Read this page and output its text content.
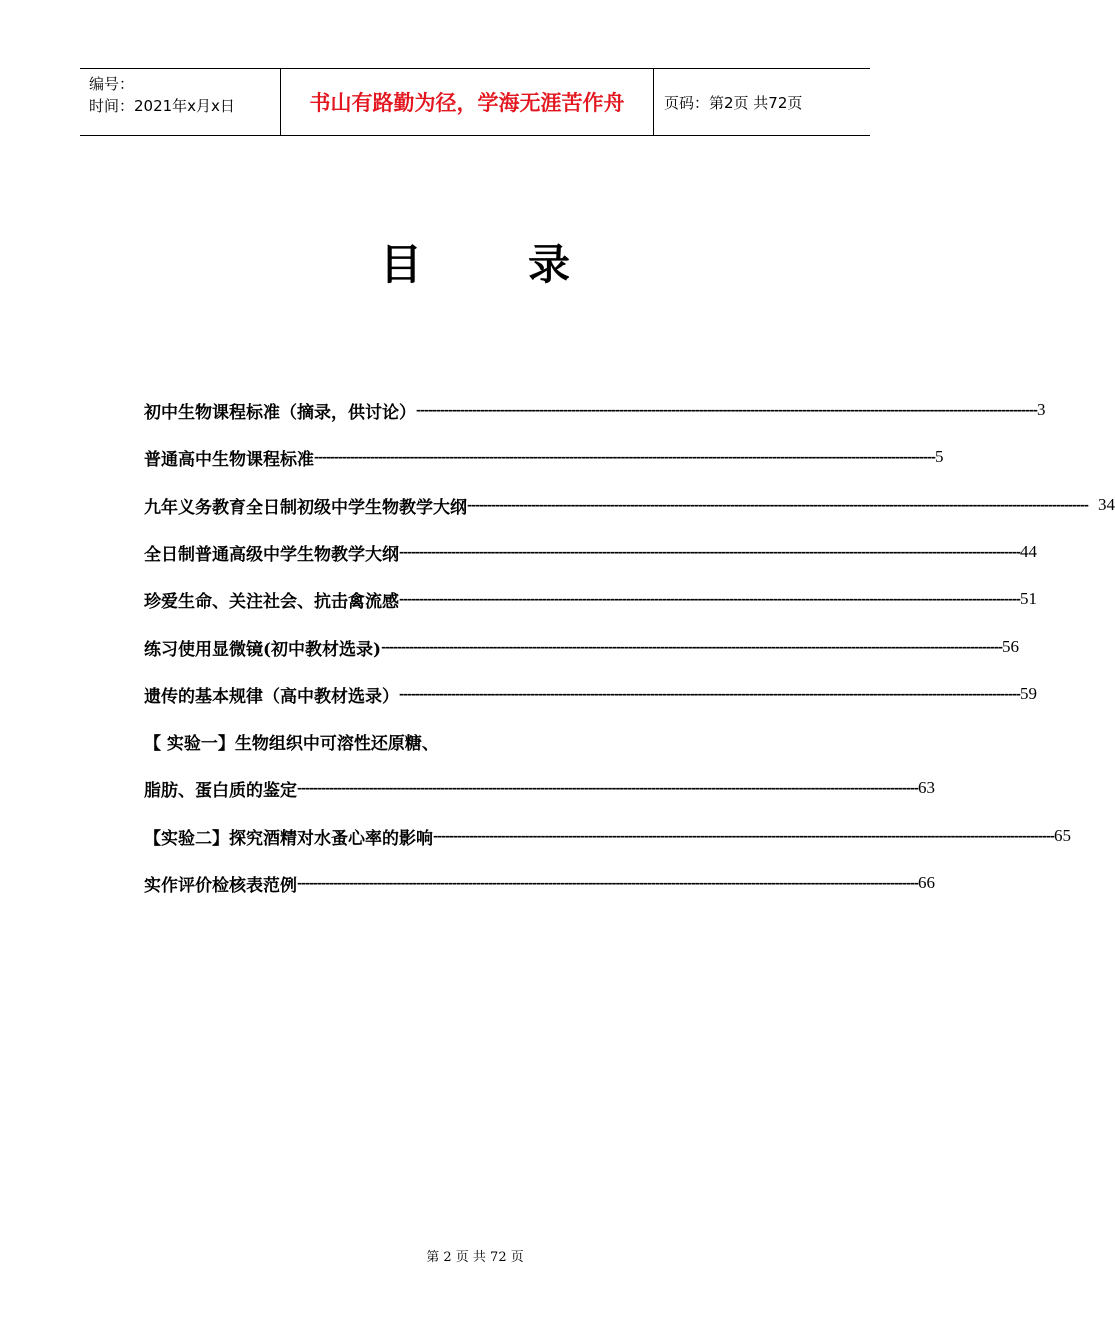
编号：
时间：2021年x月x日	书山有路勤为径，学海无涯苦作舟	页码：第2页 共72页
目	录
初中生物课程标准（摘录，供讨论） ------------------------------------------------------------------------------------------------------------------------------------------------------------ 3
普通高中生物课程标准 ------------------------------------------------------------------------------------------------------------------------------------------------------------ 5
九年义务教育全日制初级中学生物教学大纲 ------------------------------------------------------------------------------------------------------------------------------------------------------------ 34
全日制普通高级中学生物教学大纲 ------------------------------------------------------------------------------------------------------------------------------------------------------------ 44
珍爱生命、关注社会、抗击禽流感 ------------------------------------------------------------------------------------------------------------------------------------------------------------ 51
练习使用显微镜(初中教材选录) ------------------------------------------------------------------------------------------------------------------------------------------------------------ 56
遗传的基本规律（高中教材选录） ------------------------------------------------------------------------------------------------------------------------------------------------------------ 59
【 实验一】生物组织中可溶性还原糖、
脂肪、蛋白质的鉴定 ------------------------------------------------------------------------------------------------------------------------------------------------------------ 63
【实验二】探究酒精对水蚤心率的影响 ------------------------------------------------------------------------------------------------------------------------------------------------------------ 65
实作评价检核表范例 ------------------------------------------------------------------------------------------------------------------------------------------------------------ 66
第 2 页 共 72 页
